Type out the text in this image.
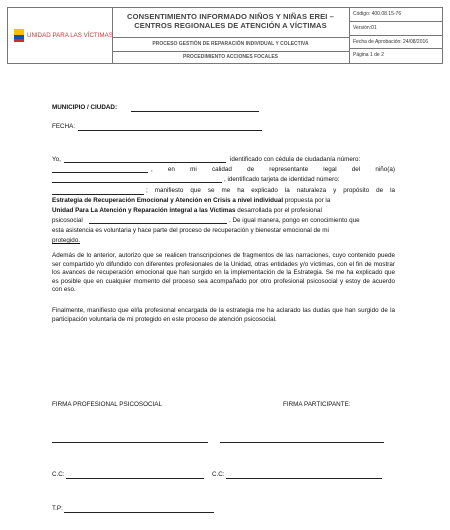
UNIDAD PARA LAS VÍCTIMAS
CONSENTIMIENTO INFORMADO NIÑOS Y NIÑAS EREI – CENTROS REGIONALES DE ATENCIÓN A VÍCTIMAS
PROCESO GESTIÓN DE REPARACIÓN INDIVIDUAL Y COLECTIVA
PROCEDIMIENTO ACCIONES FOCALES
Código: 400.08.15-76
Versión:01
Fecha de Aprobación: 24/08/2016
Página 1 de 2
MUNICIPIO / CIUDAD:
FECHA:
Yo,	identificado con cédula de ciudadanía número:
, en mi calidad de representante legal del niño(a)
, identificado tarjeta de identidad número:
; manifiesto que se me ha explicado la naturaleza y propósito de la
Estrategia de Recuperación Emocional y Atención en Crisis a nivel individual propuesta por la
Unidad Para La Atención y Reparación integral a las Víctimas desarrollada por el profesional
psicosocial	. De igual manera, pongo en conocimiento que
esta asistencia es voluntaria y hace parte del proceso de recuperación y bienestar emocional de mi
protegido.
Además de lo anterior, autorizo que se realicen transcripciones de fragmentos de las narraciones, cuyo contenido puede ser compartido y/o difundido con diferentes profesionales de la Unidad, otras entidades y/o víctimas, con el fin de mostrar los avances de recuperación emocional que han surgido en la implementación de la Estrategia. Se me ha explicado que es posible que en cualquier momento del proceso sea acompañado por otro profesional psicosocial y estoy de acuerdo con eso.
Finalmente, manifiesto que el/la profesional encargada de la estrategia me ha aclarado las dudas que han surgido de la participación voluntaria de mi protegido en este proceso de atención psicosocial.
FIRMA PROFESIONAL PSICOSOCIAL	FIRMA PARTICIPANTE:
C.C:	C.C:
T.P:
